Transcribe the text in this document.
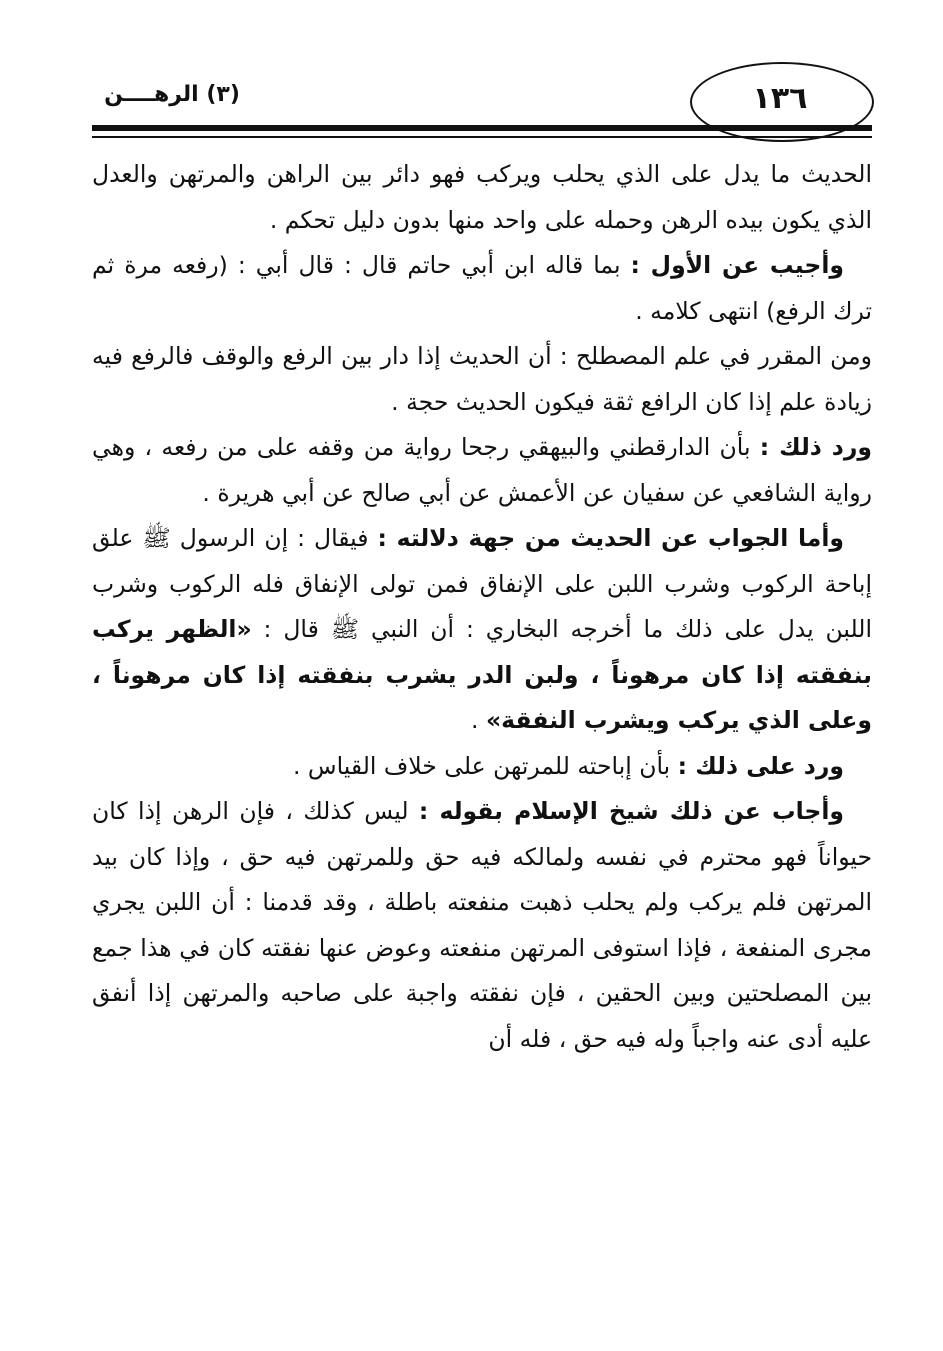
١٣٦
(٣) الرهــــن

الحديث ما يدل على الذي يحلب ويركب فهو دائر بين الراهن والمرتهن والعدل الذي يكون بيده الرهن وحمله على واحد منها بدون دليل تحكم .

وأجيب عن الأول : بما قاله ابن أبي حاتم قال : قال أبي : (رفعه مرة ثم ترك الرفع) انتهى كلامه .

ومن المقرر في علم المصطلح : أن الحديث إذا دار بين الرفع والوقف فالرفع فيه زيادة علم إذا كان الرافع ثقة فيكون الحديث حجة .

ورد ذلك : بأن الدارقطني والبيهقي رجحا رواية من وقفه على من رفعه ، وهي رواية الشافعي عن سفيان عن الأعمش عن أبي صالح عن أبي هريرة .

وأما الجواب عن الحديث من جهة دلالته : فيقال : إن الرسول ﷺ علق إباحة الركوب وشرب اللبن على الإنفاق فمن تولى الإنفاق فله الركوب وشرب اللبن يدل على ذلك ما أخرجه البخاري : أن النبي ﷺ قال : «الظهر يركب بنفقته إذا كان مرهوناً ، ولبن الدر يشرب بنفقته إذا كان مرهوناً ، وعلى الذي يركب ويشرب النفقة» .

ورد على ذلك : بأن إباحته للمرتهن على خلاف القياس .

وأجاب عن ذلك شيخ الإسلام بقوله : ليس كذلك ، فإن الرهن إذا كان حيواناً فهو محترم في نفسه ولمالكه فيه حق وللمرتهن فيه حق ، وإذا كان بيد المرتهن فلم يركب ولم يحلب ذهبت منفعته باطلة ، وقد قدمنا : أن اللبن يجري مجرى المنفعة ، فإذا استوفى المرتهن منفعته وعوض عنها نفقته كان في هذا جمع بين المصلحتين وبين الحقين ، فإن نفقته واجبة على صاحبه والمرتهن إذا أنفق عليه أدى عنه واجباً وله فيه حق ، فله أن
